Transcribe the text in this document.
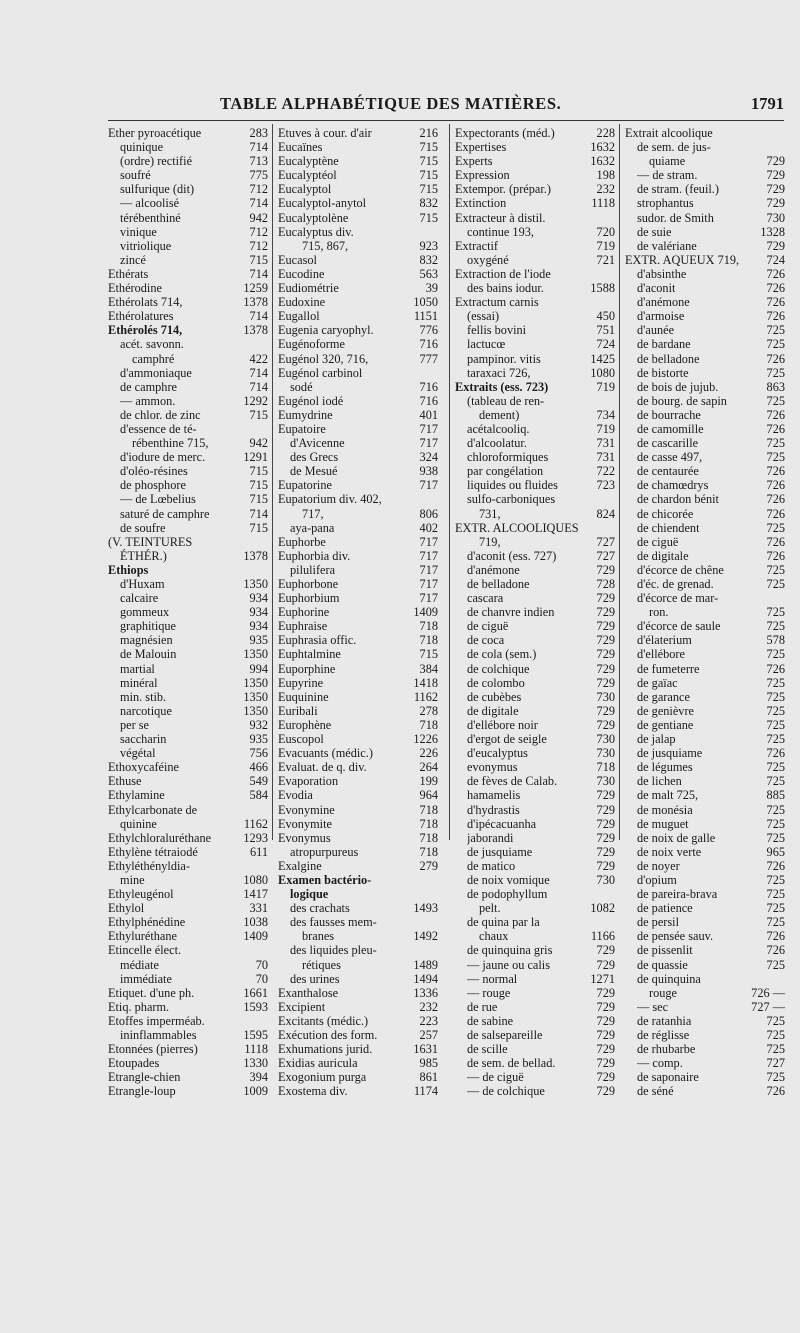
TABLE ALPHABÉTIQUE DES MATIÈRES.	1791
Ether pyroacétique	283
quinique	714
(ordre) rectifié	713
soufré	775
sulfurique (dit)	712
— alcoolisé	714
térébenthiné	942
vinique	712
vitriolique	712
zincé	715
Ethérats	714
Ethérodine	1259
Ethérolats 714,	1378
Ethérolatures	714
Ethérolés 714,	1378
acét. savonn.
camphré	422
d'ammoniaque	714
de camphre	714
— ammon.	1292
de chlor. de zinc	715
d'essence de té-
rébenthine 715,	942
d'iodure de merc.	1291
d'oléo-résines	715
de phosphore	715
— de Lœbelius	715
saturé de camphre	714
de soufre	715
(V. TEINTURES
ÉTHÉR.)	1378
Ethiops
d'Huxam	1350
calcaire	934
gommeux	934
graphitique	934
magnésien	935
de Malouin	1350
martial	994
minéral	1350
min. stib.	1350
narcotique	1350
per se	932
saccharin	935
végétal	756
Ethoxycaféine	466
Ethuse	549
Ethylamine	584
Ethylcarbonate de
quinine	1162
Ethylchloraluréthane	1293
Ethylène tétraiodé	611
Ethyléthényldia-
mine	1080
Ethyleugénol	1417
Ethylol	331
Ethylphénédine	1038
Ethyluréthane	1409
Etincelle élect.
médiate	70
immédiate	70
Etiquet. d'une ph.	1661
Etiq. pharm.	1593
Etoffes imperméab.
ininflammables	1595
Etonnées (pierres)	1118
Etoupades	1330
Etrangle-chien	394
Etrangle-loup	1009
Etuves à cour. d'air	216
Eucaïnes	715
Eucalyptène	715
Eucalyptéol	715
Eucalyptol	715
Eucalyptol-anytol	832
Eucalyptolène	715
Eucalyptus div.
715, 867,	923
Eucasol	832
Eucodine	563
Eudiométrie	39
Eudoxine	1050
Eugallol	1151
Eugenia caryophyl.	776
Eugénoforme	716
Eugénol 320, 716,	777
Eugénol carbinol
sodé	716
Eugénol iodé	716
Eumydrine	401
Eupatoire	717
d'Avicenne	717
des Grecs	324
de Mesué	938
Eupatorine	717
Eupatorium div. 402,
717,	806
aya-pana	402
Euphorbe	717
Euphorbia div.	717
pilulifera	717
Euphorbone	717
Euphorbium	717
Euphorine	1409
Euphraise	718
Euphrasia offic.	718
Euphtalmine	715
Euporphine	384
Eupyrine	1418
Euquinine	1162
Euribali	278
Europhène	718
Euscopol	1226
Evacuants (médic.)	226
Evaluat. de q. div.	264
Evaporation	199
Evodia	964
Evonymine	718
Evonymite	718
Evonymus	718
atropurpureus	718
Exalgine	279
Examen bactério-
logique
des crachats	1493
des fausses mem-
branes	1492
des liquides pleu-
rétiques	1489
des urines	1494
Exanthalose	1336
Excipient	232
Excitants (médic.)	223
Exécution des form.	257
Exhumations jurid.	1631
Exidias auricula	985
Exogonium purga	861
Exostema div.	1174
Expectorants (méd.)	228
Expertises	1632
Experts	1632
Expression	198
Extempor. (prépar.)	232
Extinction	1118
Extracteur à distil.
continue 193,	720
Extractif	719
oxygéné	721
Extraction de l'iode
des bains iodur.	1588
Extractum carnis
(essai)	450
fellis bovini	751
lactucœ	724
pampinor. vitis	1425
taraxaci 726,	1080
Extraits (ess. 723)	719
(tableau de ren-
dement)	734
acétalcooliq.	719
d'alcoolatur.	731
chloroformiques	731
par congélation	722
liquides ou fluides	723
sulfo-carboniques
731,	824
EXTR. ALCOOLIQUES
719,	727
d'aconit (ess. 727)	727
d'anémone	729
de belladone	728
cascara	729
de chanvre indien	729
de ciguë	729
de coca	729
de cola (sem.)	729
de colchique	729
de colombo	729
de cubèbes	730
de digitale	729
d'ellébore noir	729
d'ergot de seigle	730
d'eucalyptus	730
evonymus	718
de fèves de Calab.	730
hamamelis	729
d'hydrastis	729
d'ipécacuanha	729
jaborandi	729
de jusquiame	729
de matico	729
de noix vomique	730
de podophyllum
pelt.	1082
de quina par la
chaux	1166
de quinquina gris	729
— jaune ou calis	729
— normal	1271
— rouge	729
de rue	729
de sabine	729
de salsepareille	729
de scille	729
de sem. de bellad.	729
— de ciguë	729
— de colchique	729
Extrait alcoolique
de sem. de jus-
quiame	729
— de stram.	729
de stram. (feuil.)	729
strophantus	729
sudor. de Smith	730
de suie	1328
de valériane	729
EXTR. AQUEUX 719, 724
d'absinthe	726
d'aconit	726
d'anémone	726
d'armoise	726
d'aunée	725
de bardane	725
de belladone	726
de bistorte	725
de bois de jujub.	863
de bourg. de sapin	725
de bourrache	726
de camomille	726
de cascarille	725
de casse 497,	725
de centaurée	726
de chamœdrys	726
de chardon bénit	726
de chicorée	726
de chiendent	725
de ciguë	726
de digitale	726
d'écorce de chêne	725
d'éc. de grenad.	725
d'écorce de mar-
ron.	725
d'écorce de saule	725
d'élaterium	578
d'ellébore	725
de fumeterre	726
de gaïac	725
de garance	725
de genièvre	725
de gentiane	725
de jalap	725
de jusquiame	726
de légumes	725
de lichen	725
de malt 725,	885
de monésia	725
de muguet	725
de noix de galle	725
de noix verte	965
de noyer	726
d'opium	725
de pareira-brava	725
de patience	725
de persil	725
de pensée sauv.	726
de pissenlit	726
de quassie	725
de quinquina
rouge	726 —
— sec	727 —
de ratanhia	725
de réglisse	725
de rhubarbe	725
— comp.	727
de saponaire	725
de séné	726
